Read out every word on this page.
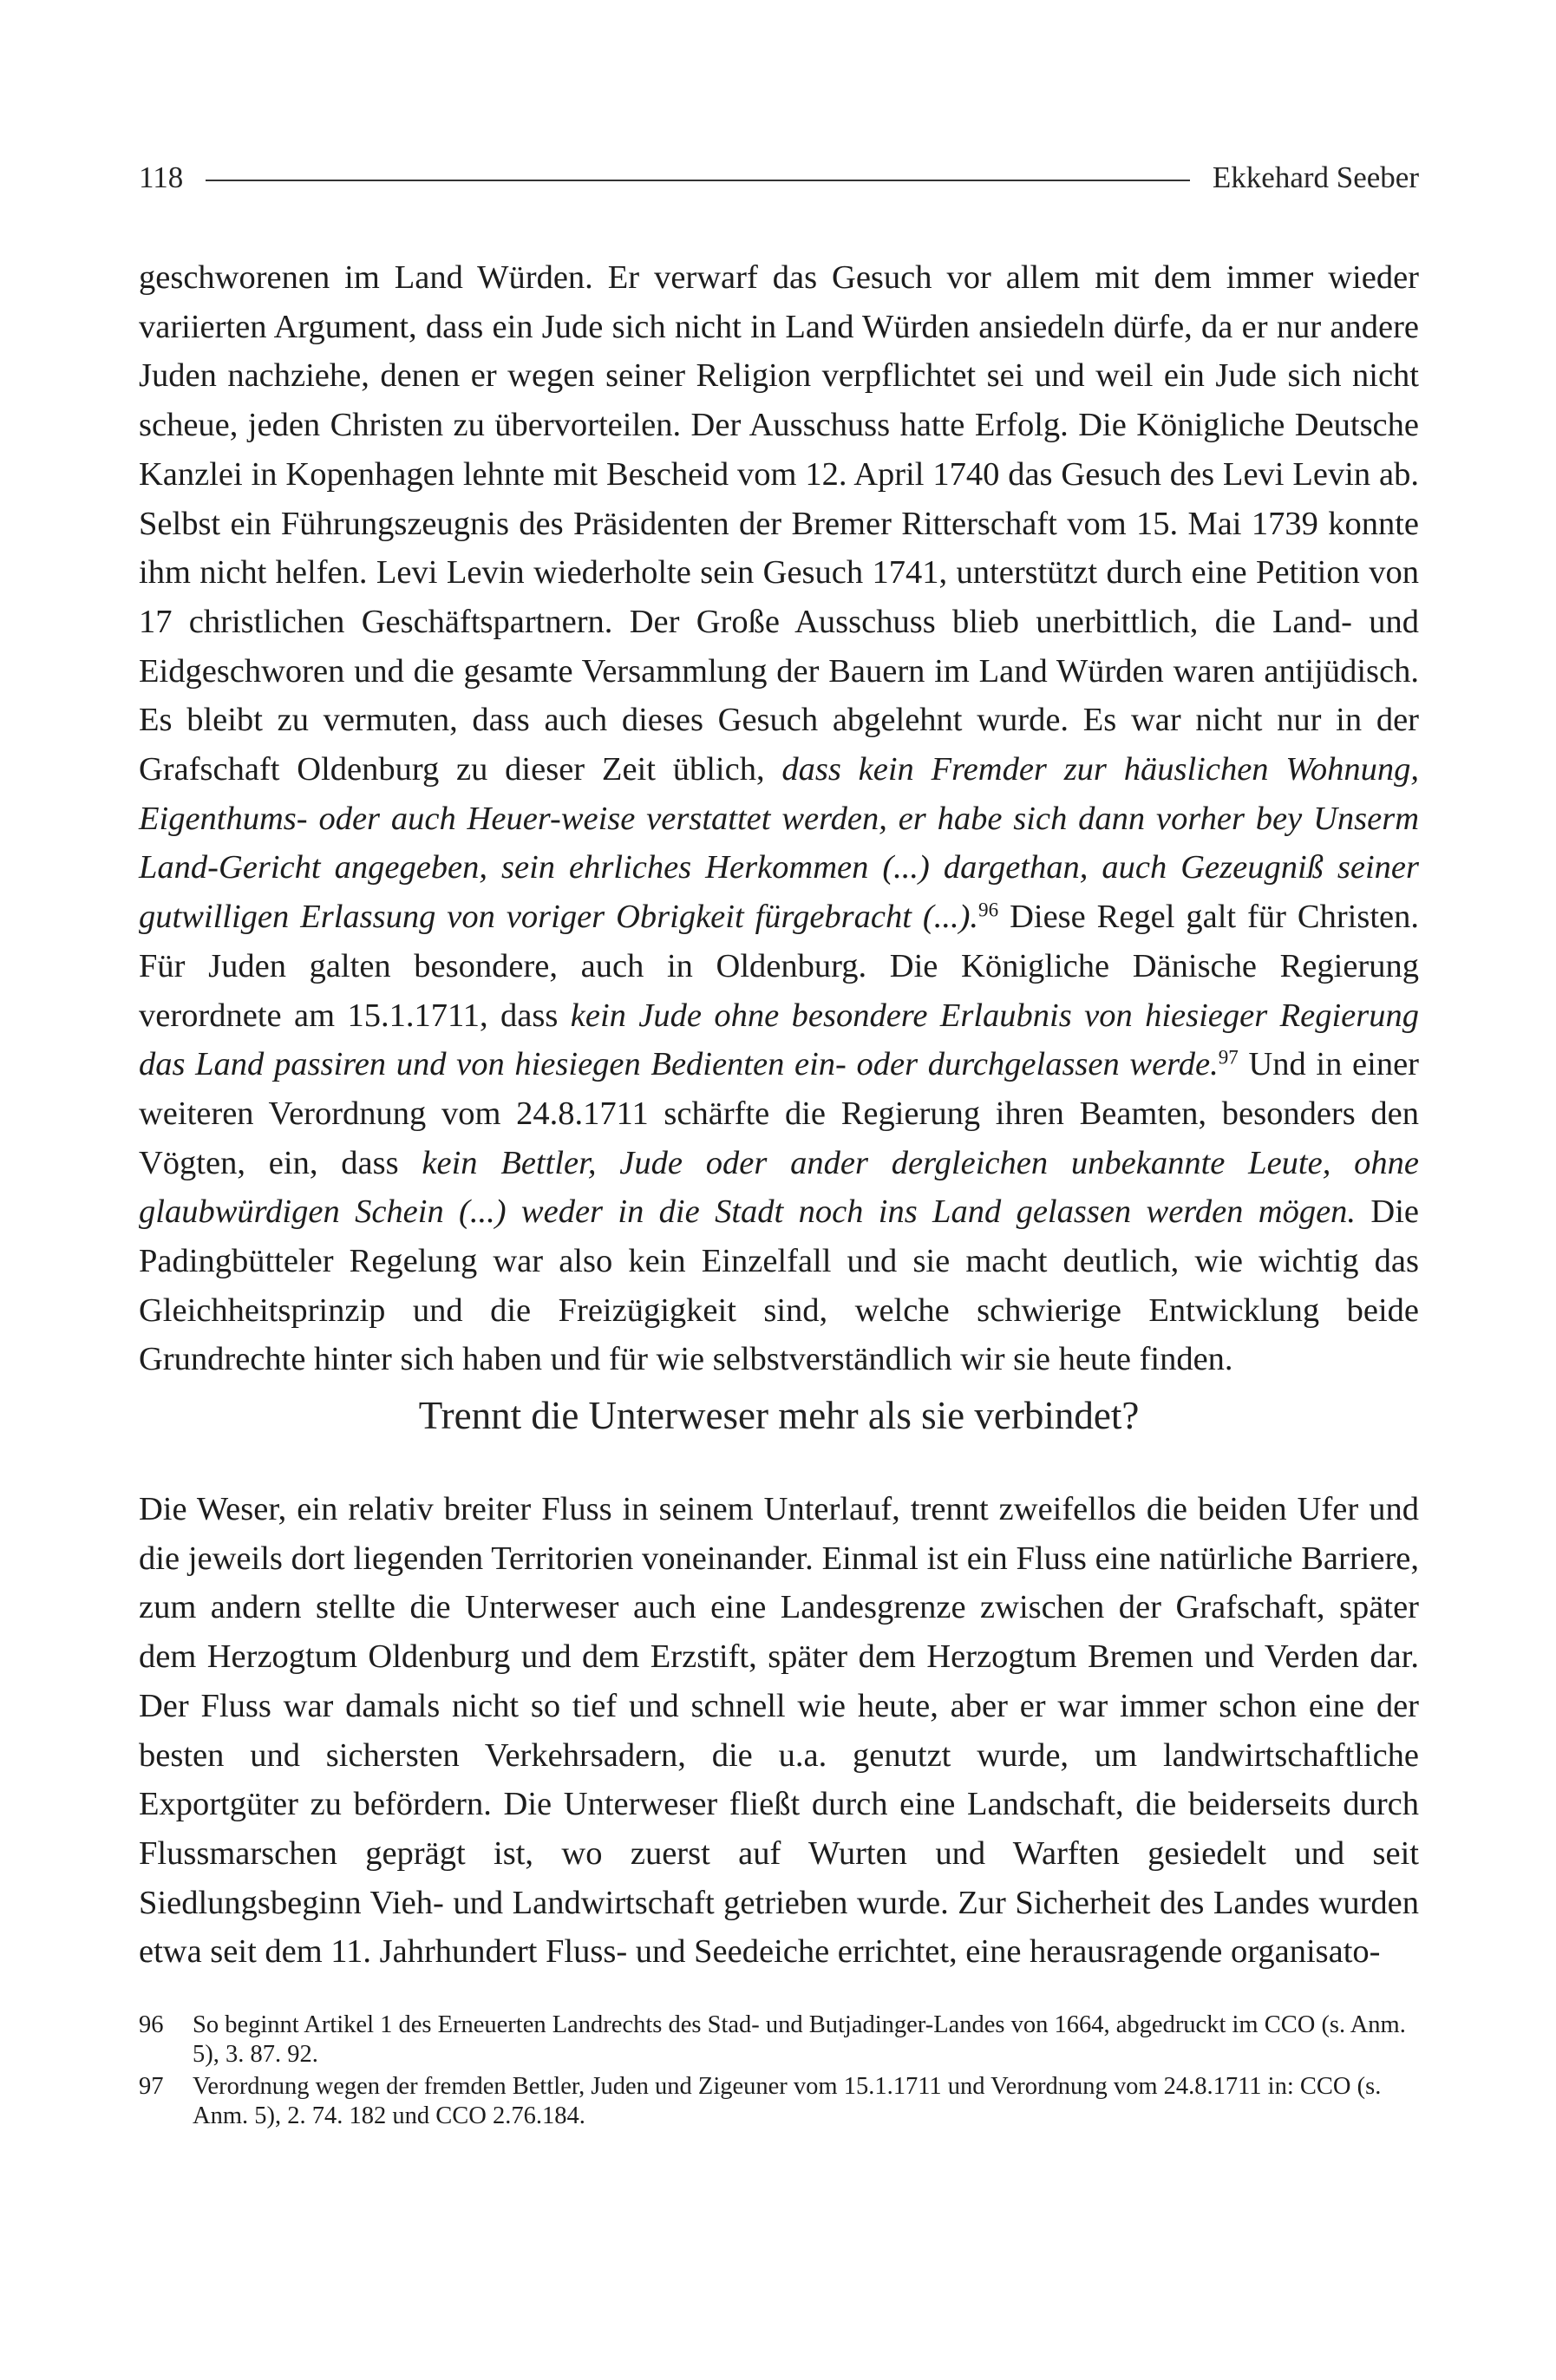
118	Ekkehard Seeber

geschworenen im Land Würden. Er verwarf das Gesuch vor allem mit dem immer wieder variierten Argument, dass ein Jude sich nicht in Land Würden ansiedeln dürfe, da er nur andere Juden nachziehe, denen er wegen seiner Religion verpflichtet sei und weil ein Jude sich nicht scheue, jeden Christen zu übervorteilen. Der Ausschuss hatte Erfolg. Die Königliche Deutsche Kanzlei in Kopenhagen lehnte mit Bescheid vom 12. April 1740 das Gesuch des Levi Levin ab. Selbst ein Führungszeugnis des Präsidenten der Bremer Ritterschaft vom 15. Mai 1739 konnte ihm nicht helfen. Levi Levin wiederholte sein Gesuch 1741, unterstützt durch eine Petition von 17 christlichen Geschäftspartnern. Der Große Ausschuss blieb unerbittlich, die Land- und Eidgeschworen und die gesamte Versammlung der Bauern im Land Würden waren antijüdisch. Es bleibt zu vermuten, dass auch dieses Gesuch abgelehnt wurde. Es war nicht nur in der Grafschaft Oldenburg zu dieser Zeit üblich, dass kein Fremder zur häuslichen Wohnung, Eigenthums- oder auch Heuer-weise verstattet werden, er habe sich dann vorher bey Unserm Land-Gericht angegeben, sein ehrliches Herkommen (...) dargethan, auch Gezeugniß seiner gutwilligen Erlassung von voriger Obrigkeit fürgebracht (...).$^{96}$ Diese Regel galt für Christen. Für Juden galten besondere, auch in Oldenburg. Die Königliche Dänische Regierung verordnete am 15.1.1711, dass kein Jude ohne besondere Erlaubnis von hiesieger Regierung das Land passiren und von hiesiegen Bedienten ein- oder durchgelassen werde.$^{97}$ Und in einer weiteren Verordnung vom 24.8.1711 schärfte die Regierung ihren Beamten, besonders den Vögten, ein, dass kein Bettler, Jude oder ander dergleichen unbekannte Leute, ohne glaubwürdigen Schein (...) weder in die Stadt noch ins Land gelassen werden mögen. Die Padingbütteler Regelung war also kein Einzelfall und sie macht deutlich, wie wichtig das Gleichheitsprinzip und die Freizügigkeit sind, welche schwierige Entwicklung beide Grundrechte hinter sich haben und für wie selbstverständlich wir sie heute finden.

Trennt die Unterweser mehr als sie verbindet?

Die Weser, ein relativ breiter Fluss in seinem Unterlauf, trennt zweifellos die beiden Ufer und die jeweils dort liegenden Territorien voneinander. Einmal ist ein Fluss eine natürliche Barriere, zum andern stellte die Unterweser auch eine Landesgrenze zwischen der Grafschaft, später dem Herzogtum Oldenburg und dem Erzstift, später dem Herzogtum Bremen und Verden dar. Der Fluss war damals nicht so tief und schnell wie heute, aber er war immer schon eine der besten und sichersten Verkehrsadern, die u.a. genutzt wurde, um landwirtschaftliche Exportgüter zu befördern. Die Unterweser fließt durch eine Landschaft, die beiderseits durch Flussmarschen geprägt ist, wo zuerst auf Wurten und Warften gesiedelt und seit Siedlungsbeginn Vieh- und Landwirtschaft getrieben wurde. Zur Sicherheit des Landes wurden etwa seit dem 11. Jahrhundert Fluss- und Seedeiche errichtet, eine herausragende organisato-

96	So beginnt Artikel 1 des Erneuerten Landrechts des Stad- und Butjadinger-Landes von 1664, abgedruckt im CCO (s. Anm. 5), 3. 87. 92.
97	Verordnung wegen der fremden Bettler, Juden und Zigeuner vom 15.1.1711 und Verordnung vom 24.8.1711 in: CCO (s. Anm. 5), 2. 74. 182 und CCO 2.76.184.
